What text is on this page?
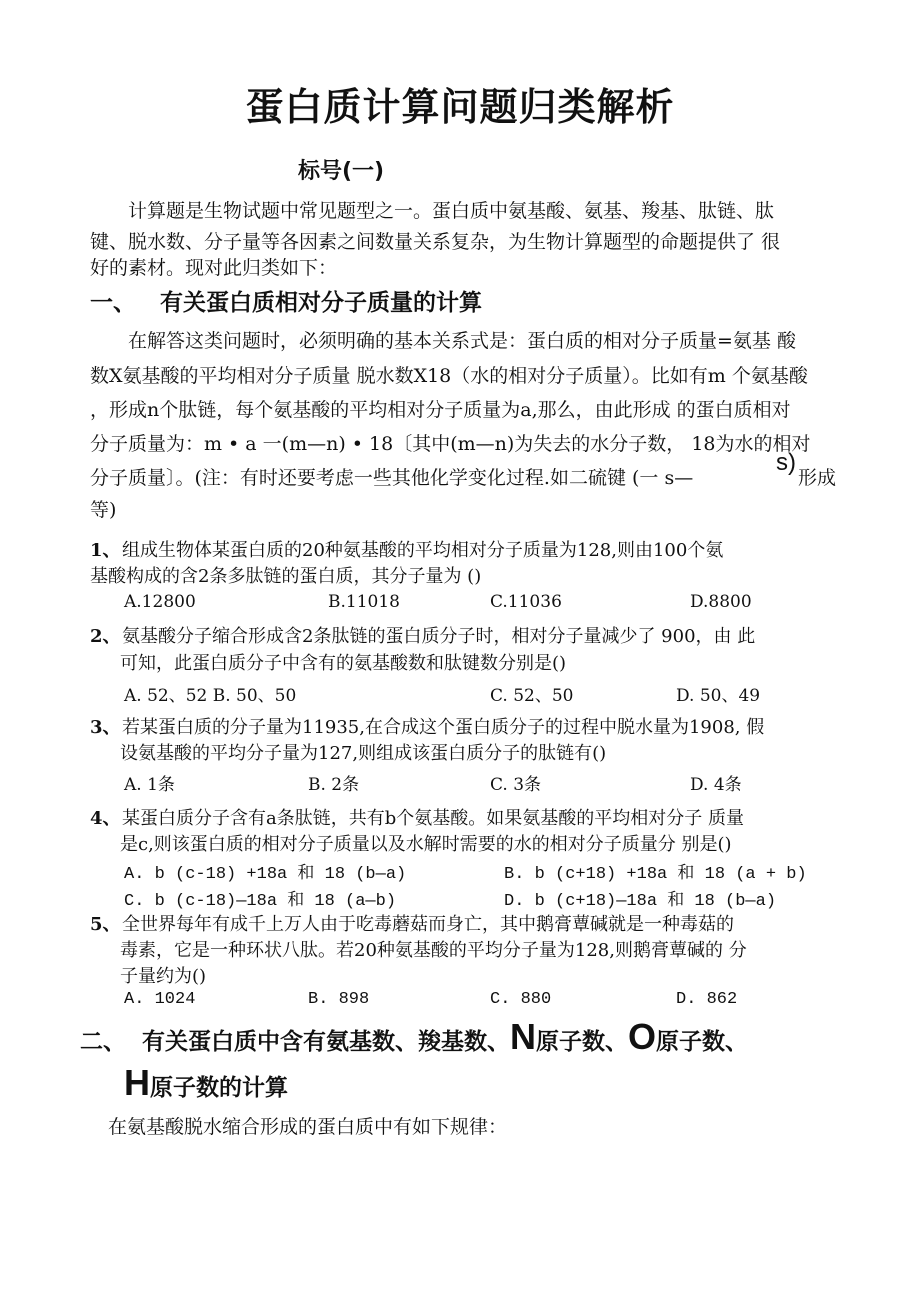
蛋白质计算问题归类解析
标号(一)
计算题是生物试题中常见题型之一。蛋白质中氨基酸、氨基、羧基、肽链、肽
键、脱水数、分子量等各因素之间数量关系复杂，为生物计算题型的命题提供了 很
好的素材。现对此归类如下：
一、 有关蛋白质相对分子质量的计算
在解答这类问题时，必须明确的基本关系式是：蛋白质的相对分子质量=氨基 酸
数X氨基酸的平均相对分子质量 脱水数X18（水的相对分子质量）。比如有m 个氨基酸
，形成n个肽链，每个氨基酸的平均相对分子质量为a,那么，由此形成 的蛋白质相对
分子质量为：m • a 一(m—n) • 18〔其中(m—n)为失去的水分子数， 18为水的相对
分子质量〕。(注：有时还要考虑一些其他化学变化过程.如二硫键 (一 s—
s)
形成
等)
1、 组成生物体某蛋白质的20种氨基酸的平均相对分子质量为128,则由100个氨
基酸构成的含2条多肽链的蛋白质，其分子量为 ()
A.12800	B.11018	C.11036	D.8800
2、 氨基酸分子缩合形成含2条肽链的蛋白质分子时，相对分子量减少了 900，由 此
可知，此蛋白质分子中含有的氨基酸数和肽键数分别是()
A. 52、52 B. 50、50	C. 52、50	D. 50、49
3、 若某蛋白质的分子量为11935,在合成这个蛋白质分子的过程中脱水量为1908, 假
设氨基酸的平均分子量为127,则组成该蛋白质分子的肽链有()
A. 1条	B. 2条	C. 3条	D. 4条
4、 某蛋白质分子含有a条肽链，共有b个氨基酸。如果氨基酸的平均相对分子 质量
是c,则该蛋白质的相对分子质量以及水解时需要的水的相对分子质量分 别是()
A. b (c-18) +18a 和 18 (b—a)	B. b (c+18) +18a 和 18 (a + b)
C. b (c-18)—18a 和 18 (a—b)	D. b (c+18)—18a 和 18 (b—a)
5、 全世界每年有成千上万人由于吃毒蘑菇而身亡，其中鹅膏蕈碱就是一种毒菇的
毒素，它是一种环状八肽。若20种氨基酸的平均分子量为128,则鹅膏蕈碱的 分
子量约为()
A. 1024	B. 898	C. 880	D. 862
二、 有关蛋白质中含有氨基数、羧基数、N原子数、O原子数、
H原子数的计算
在氨基酸脱水缩合形成的蛋白质中有如下规律：
